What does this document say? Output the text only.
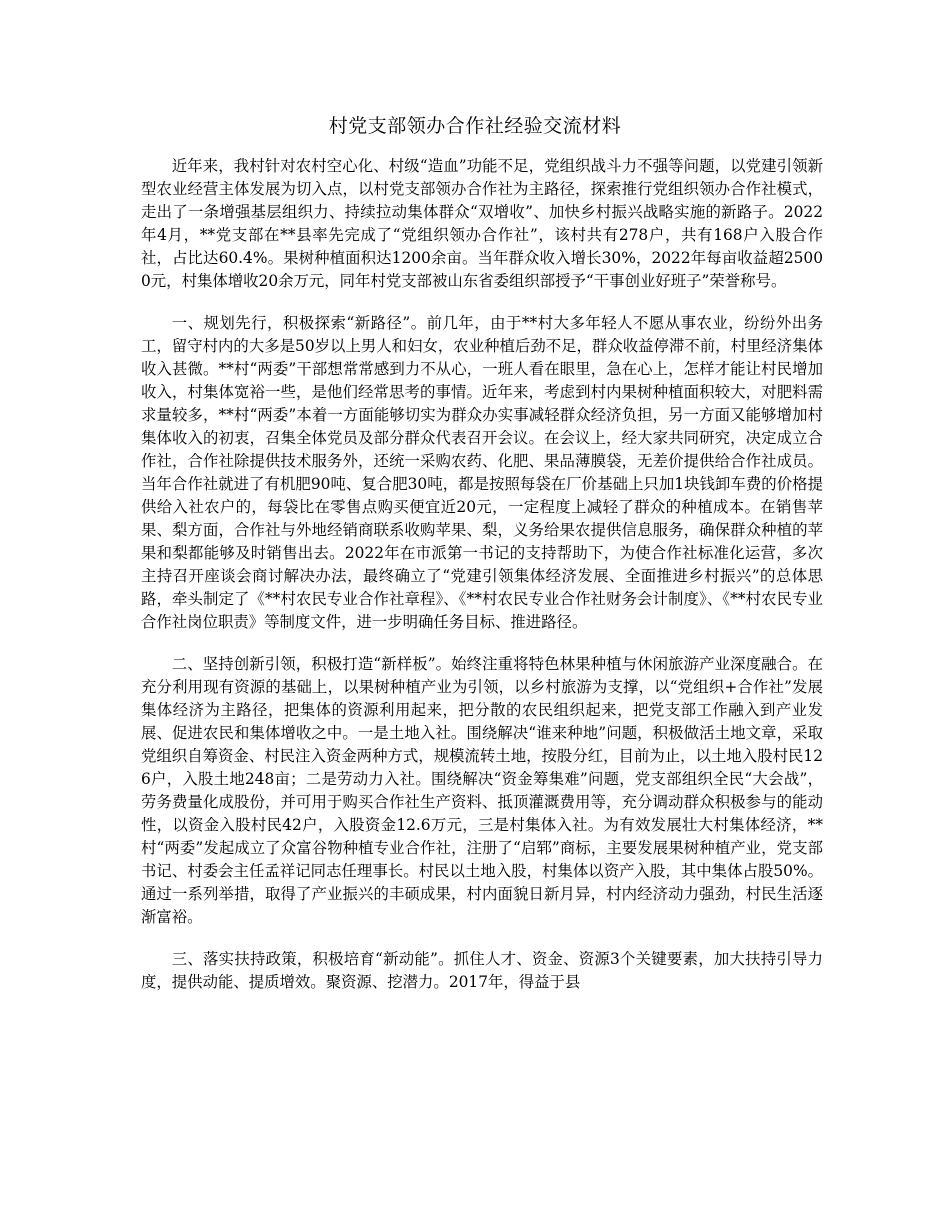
村党支部领办合作社经验交流材料

近年来，我村针对农村空心化、村级“造血”功能不足，党组织战斗力不强等问题，以党建引领新型农业经营主体发展为切入点，以村党支部领办合作社为主路径，探索推行党组织领办合作社模式，走出了一条增强基层组织力、持续拉动集体群众“双增收”、加快乡村振兴战略实施的新路子。2022年4月，**党支部在**县率先完成了“党组织领办合作社”，该村共有278户，共有168户入股合作社，占比达60.4%。果树种植面积达1200余亩。当年群众收入增长30%，2022年每亩收益超25000元，村集体增收20余万元，同年村党支部被山东省委组织部授予“干事创业好班子”荣誉称号。

一、规划先行，积极探索“新路径”。前几年，由于**村大多年轻人不愿从事农业，纷纷外出务工，留守村内的大多是50岁以上男人和妇女，农业种植后劲不足，群众收益停滞不前，村里经济集体收入甚微。**村“两委”干部想常常感到力不从心，一班人看在眼里，急在心上，怎样才能让村民增加收入，村集体宽裕一些，是他们经常思考的事情。近年来，考虑到村内果树种植面积较大，对肥料需求量较多，**村“两委”本着一方面能够切实为群众办实事减轻群众经济负担，另一方面又能够增加村集体收入的初衷，召集全体党员及部分群众代表召开会议。在会议上，经大家共同研究，决定成立合作社，合作社除提供技术服务外，还统一采购农药、化肥、果品薄膜袋，无差价提供给合作社成员。当年合作社就进了有机肥90吨、复合肥30吨，都是按照每袋在厂价基础上只加1块钱卸车费的价格提供给入社农户的，每袋比在零售点购买便宜近20元，一定程度上减轻了群众的种植成本。在销售苹果、梨方面，合作社与外地经销商联系收购苹果、梨，义务给果农提供信息服务，确保群众种植的苹果和梨都能够及时销售出去。2022年在市派第一书记的支持帮助下，为使合作社标准化运营，多次主持召开座谈会商讨解决办法，最终确立了“党建引领集体经济发展、全面推进乡村振兴”的总体思路，牵头制定了《**村农民专业合作社章程》、《**村农民专业合作社财务会计制度》、《**村农民专业合作社岗位职责》等制度文件，进一步明确任务目标、推进路径。

二、坚持创新引领，积极打造“新样板”。始终注重将特色林果种植与休闲旅游产业深度融合。在充分利用现有资源的基础上，以果树种植产业为引领，以乡村旅游为支撑，以“党组织+合作社”发展集体经济为主路径，把集体的资源利用起来，把分散的农民组织起来，把党支部工作融入到产业发展、促进农民和集体增收之中。一是土地入社。围绕解决“谁来种地”问题，积极做活土地文章，采取党组织自筹资金、村民注入资金两种方式，规模流转土地，按股分红，目前为止，以土地入股村民126户，入股土地248亩；二是劳动力入社。围绕解决“资金筹集难”问题，党支部组织全民“大会战”，劳务费量化成股份，并可用于购买合作社生产资料、抵顶灌溉费用等，充分调动群众积极参与的能动性，以资金入股村民42户，入股资金12.6万元，三是村集体入社。为有效发展壮大村集体经济，**村“两委”发起成立了众富谷物种植专业合作社，注册了“启郓”商标，主要发展果树种植产业，党支部书记、村委会主任孟祥记同志任理事长。村民以土地入股，村集体以资产入股，其中集体占股50%。通过一系列举措，取得了产业振兴的丰硕成果，村内面貌日新月异，村内经济动力强劲，村民生活逐渐富裕。

三、落实扶持政策，积极培育“新动能”。抓住人才、资金、资源3个关键要素，加大扶持引导力度，提供动能、提质增效。聚资源、挖潜力。2017年，得益于县
